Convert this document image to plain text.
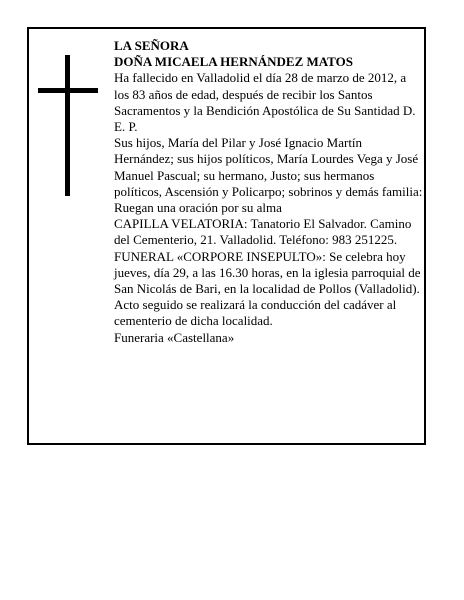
LA SEÑORA

DOÑA MICAELA HERNÁNDEZ MATOS

Ha fallecido en Valladolid el día 28 de marzo de 2012, a los 83 años de edad, después de recibir los Santos Sacramentos y la Bendición Apostólica de Su Santidad D. E. P.

Sus hijos, María del Pilar y José Ignacio Martín Hernández; sus hijos políticos, María Lourdes Vega y José Manuel Pascual; su hermano, Justo; sus hermanos políticos, Ascensión y Policarpo; sobrinos y demás familia:

Ruegan una oración por su alma

CAPILLA VELATORIA: Tanatorio El Salvador. Camino del Cementerio, 21. Valladolid. Teléfono: 983 251225.

FUNERAL «CORPORE INSEPULTO»: Se celebra hoy jueves, día 29, a las 16.30 horas, en la iglesia parroquial de San Nicolás de Bari, en la localidad de Pollos (Valladolid). Acto seguido se realizará la conducción del cadáver al cementerio de dicha localidad.

Funeraria «Castellana»
